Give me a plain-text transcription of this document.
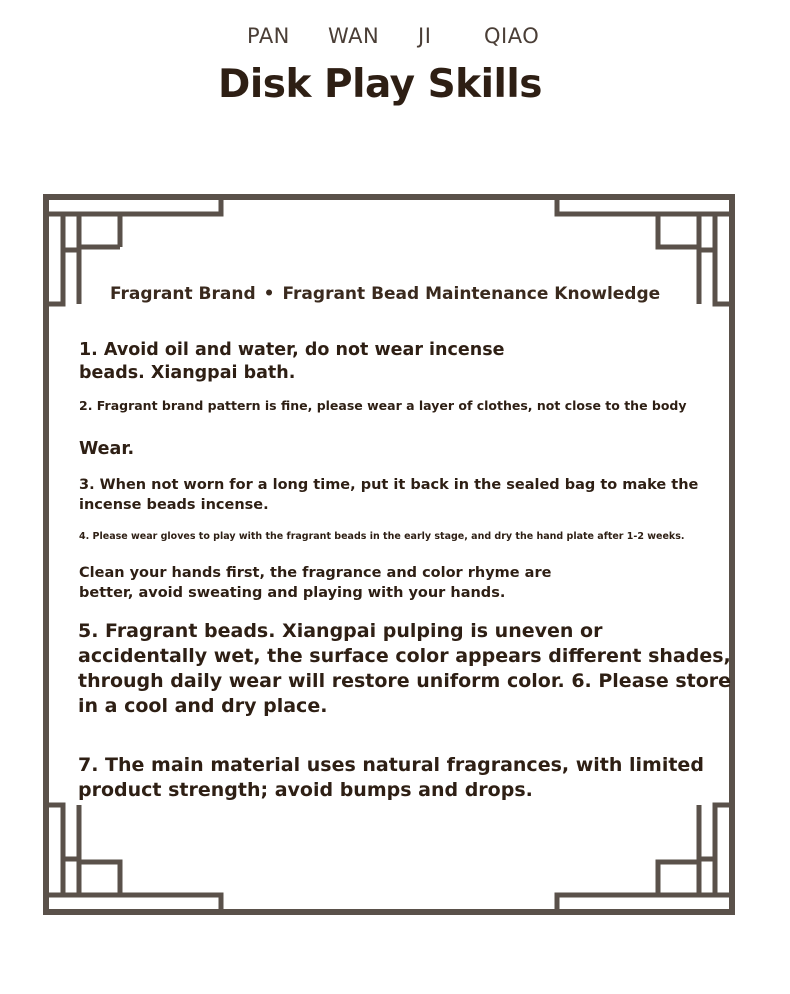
PAN WAN JI	QIAO
Disk Play Skills
Fragrant Brand • Fragrant Bead Maintenance Knowledge
1. Avoid oil and water, do not wear incense
beads. Xiangpai bath.
2. Fragrant brand pattern is fine, please wear a layer of clothes, not close to the body
Wear.
3. When not worn for a long time, put it back in the sealed bag to make the
incense beads incense.
4. Please wear gloves to play with the fragrant beads in the early stage, and dry the hand plate after 1-2 weeks.
Clean your hands first, the fragrance and color rhyme are
better, avoid sweating and playing with your hands.
5. Fragrant beads. Xiangpai pulping is uneven or
accidentally wet, the surface color appears different shades,
through daily wear will restore uniform color. 6. Please store
in a cool and dry place.
7. The main material uses natural fragrances, with limited
product strength; avoid bumps and drops.
